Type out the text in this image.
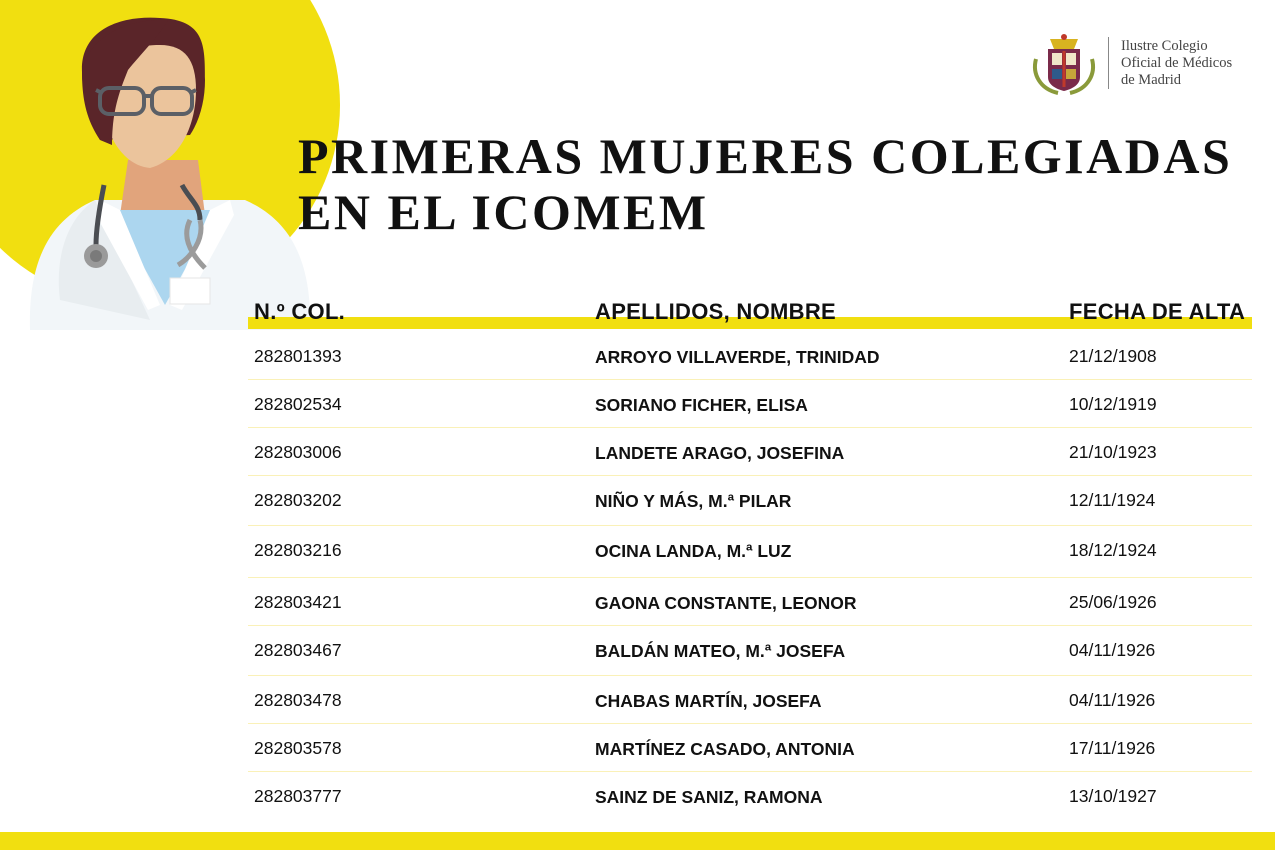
Ilustre Colegio
Oficial de Médicos
de Madrid
PRIMERAS MUJERES COLEGIADAS
EN EL ICOMEM
N.º COL.	APELLIDOS, NOMBRE	FECHA DE ALTA
282801393	ARROYO VILLAVERDE, TRINIDAD	21/12/1908
282802534	SORIANO FICHER, ELISA	10/12/1919
282803006	LANDETE ARAGO, JOSEFINA	21/10/1923
282803202	NIÑO Y MÁS, M.ª PILAR	12/11/1924
282803216	OCINA LANDA, M.ª LUZ	18/12/1924
282803421	GAONA CONSTANTE, LEONOR	25/06/1926
282803467	BALDÁN MATEO, M.ª JOSEFA	04/11/1926
282803478	CHABAS MARTÍN, JOSEFA	04/11/1926
282803578	MARTÍNEZ CASADO, ANTONIA	17/11/1926
282803777	SAINZ DE SANIZ, RAMONA	13/10/1927
